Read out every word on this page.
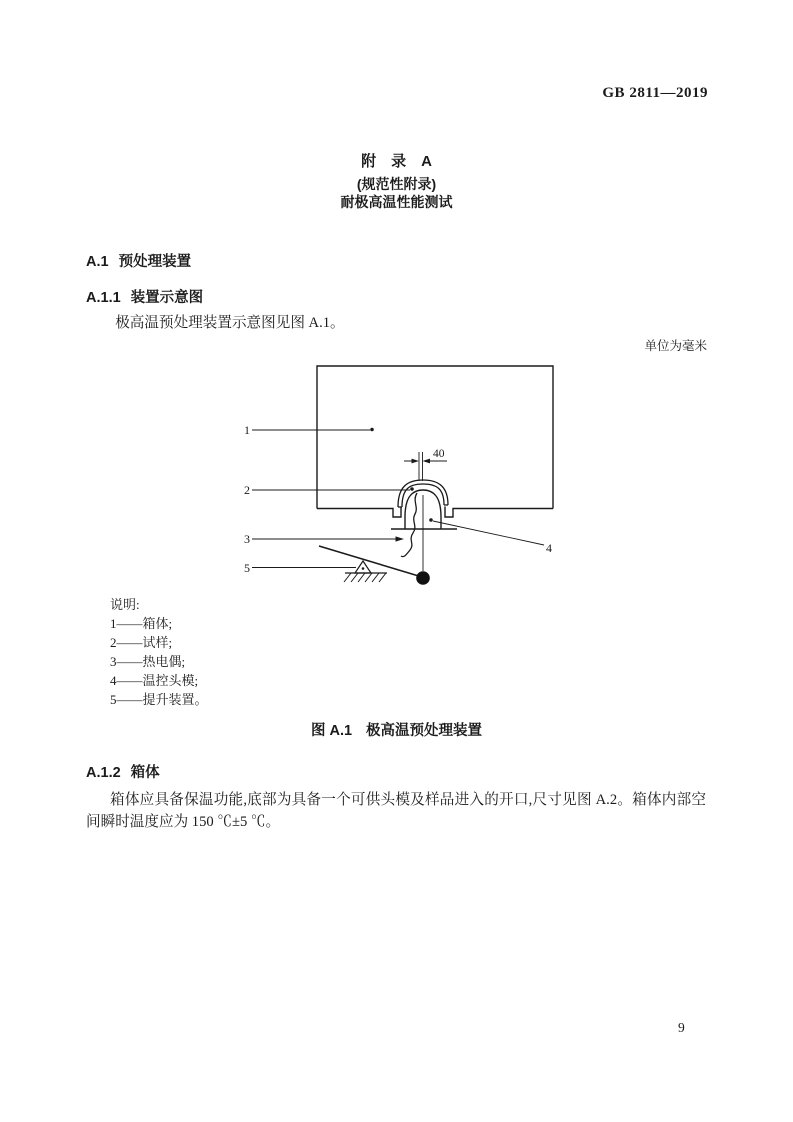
GB 2811—2019
附　录　A
(规范性附录)
耐极高温性能测试
A.1 预处理装置
A.1.1 装置示意图
极高温预处理装置示意图见图 A.1。
单位为毫米
40
1
2
3
4
5
说明:
1——箱体;
2——试样;
3——热电偶;
4——温控头模;
5——提升装置。
图 A.1 极高温预处理装置
A.1.2 箱体
箱体应具备保温功能,底部为具备一个可供头模及样品进入的开口,尺寸见图 A.2。箱体内部空间瞬时温度应为 150 ℃±5 ℃。
9
